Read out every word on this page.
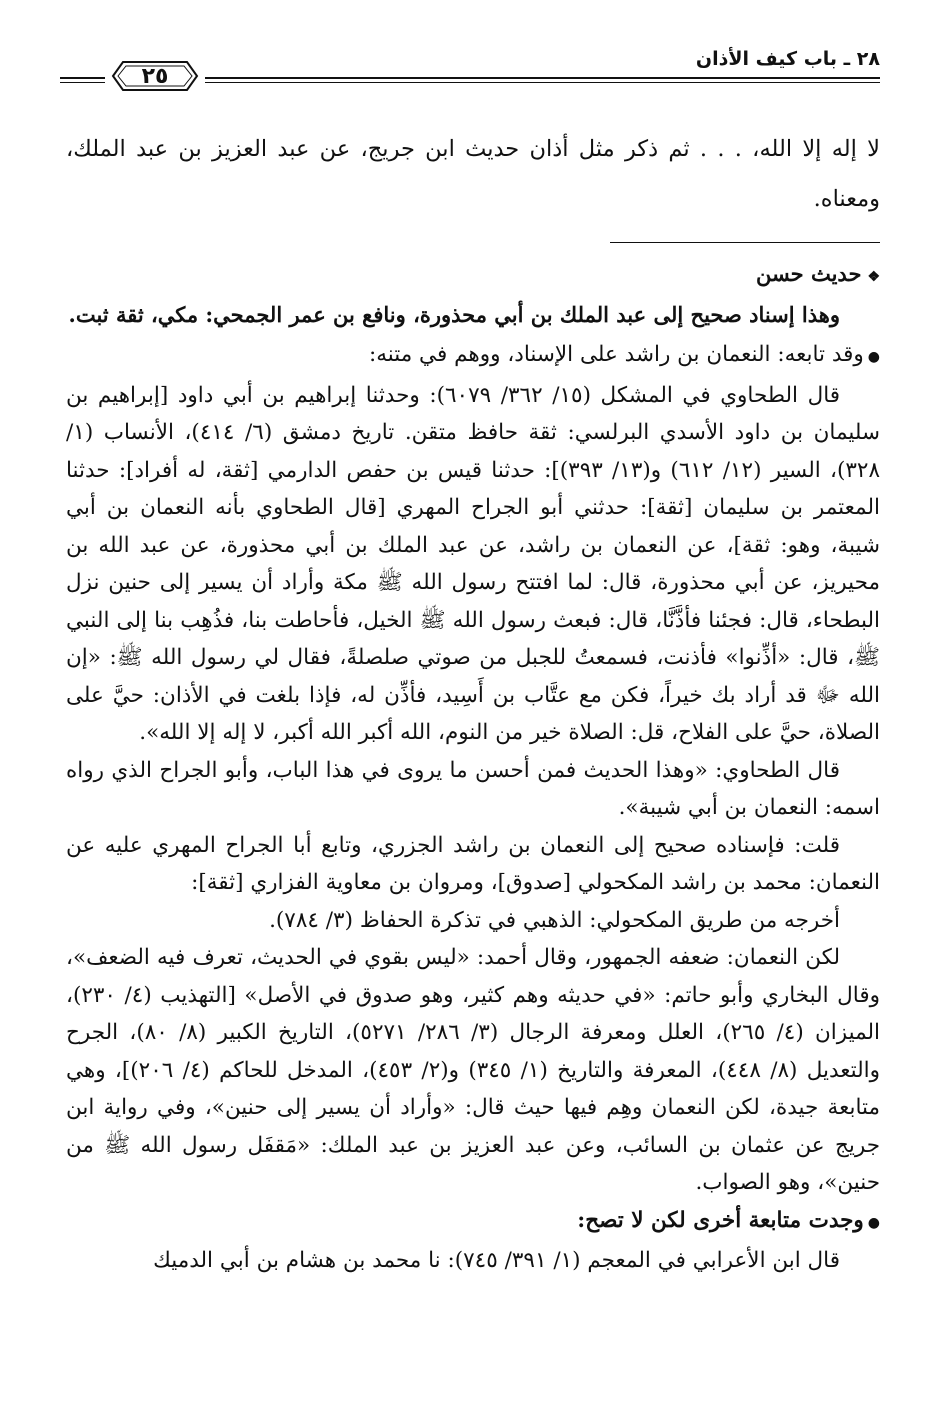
٢٥
٢٨ ـ باب كيف الأذان

لا إله إلا الله، . . . ثم ذكر مثل أذان حديث ابن جريج، عن عبد العزيز بن عبد الملك، ومعناه.

❖حديث حسن

وهذا إسناد صحيح إلى عبد الملك بن أبي محذورة، ونافع بن عمر الجمحي: مكي، ثقة ثبت.

●وقد تابعه: النعمان بن راشد على الإسناد، ووهم في متنه:

قال الطحاوي في المشكل (١٥/ ٣٦٢/ ٦٠٧٩): وحدثنا إبراهيم بن أبي داود [إبراهيم بن سليمان بن داود الأسدي البرلسي: ثقة حافظ متقن. تاريخ دمشق (٦/ ٤١٤)، الأنساب (١/ ٣٢٨)، السير (١٢/ ٦١٢) و(١٣/ ٣٩٣)]: حدثنا قيس بن حفص الدارمي [ثقة، له أفراد]: حدثنا المعتمر بن سليمان [ثقة]: حدثني أبو الجراح المهري [قال الطحاوي بأنه النعمان بن أبي شيبة، وهو: ثقة]، عن النعمان بن راشد، عن عبد الملك بن أبي محذورة، عن عبد الله بن محيريز، عن أبي محذورة، قال: لما افتتح رسول الله ﷺ مكة وأراد أن يسير إلى حنين نزل البطحاء، قال: فجئنا فأذَّنَّا، قال: فبعث رسول الله ﷺ الخيل، فأحاطت بنا، فذُهِب بنا إلى النبي ﷺ، قال: «أذِّنوا» فأذنت، فسمعتُ للجبل من صوتي صلصلةً، فقال لي رسول الله ﷺ: «إن الله ﷻ قد أراد بك خيراً، فكن مع عتَّاب بن أَسِيد، فأذِّن له، فإذا بلغت في الأذان: حيَّ على الصلاة، حيَّ على الفلاح، قل: الصلاة خير من النوم، الله أكبر الله أكبر، لا إله إلا الله».

قال الطحاوي: «وهذا الحديث فمن أحسن ما يروى في هذا الباب، وأبو الجراح الذي رواه اسمه: النعمان بن أبي شيبة».

قلت: فإسناده صحيح إلى النعمان بن راشد الجزري، وتابع أبا الجراح المهري عليه عن النعمان: محمد بن راشد المكحولي [صدوق]، ومروان بن معاوية الفزاري [ثقة]:

أخرجه من طريق المكحولي: الذهبي في تذكرة الحفاظ (٣/ ٧٨٤).

لكن النعمان: ضعفه الجمهور، وقال أحمد: «ليس بقوي في الحديث، تعرف فيه الضعف»، وقال البخاري وأبو حاتم: «في حديثه وهم كثير، وهو صدوق في الأصل» [التهذيب (٤/ ٢٣٠)، الميزان (٤/ ٢٦٥)، العلل ومعرفة الرجال (٣/ ٢٨٦/ ٥٢٧١)، التاريخ الكبير (٨/ ٨٠)، الجرح والتعديل (٨/ ٤٤٨)، المعرفة والتاريخ (١/ ٣٤٥) و(٢/ ٤٥٣)، المدخل للحاكم (٤/ ٢٠٦)]، وهي متابعة جيدة، لكن النعمان وهِم فيها حيث قال: «وأراد أن يسير إلى حنين»، وفي رواية ابن جريج عن عثمان بن السائب، وعن عبد العزيز بن عبد الملك: «مَقفَل رسول الله ﷺ من حنين»، وهو الصواب.

●وجدت متابعة أخرى لكن لا تصح:

قال ابن الأعرابي في المعجم (١/ ٣٩١/ ٧٤٥): نا محمد بن هشام بن أبي الدميك
